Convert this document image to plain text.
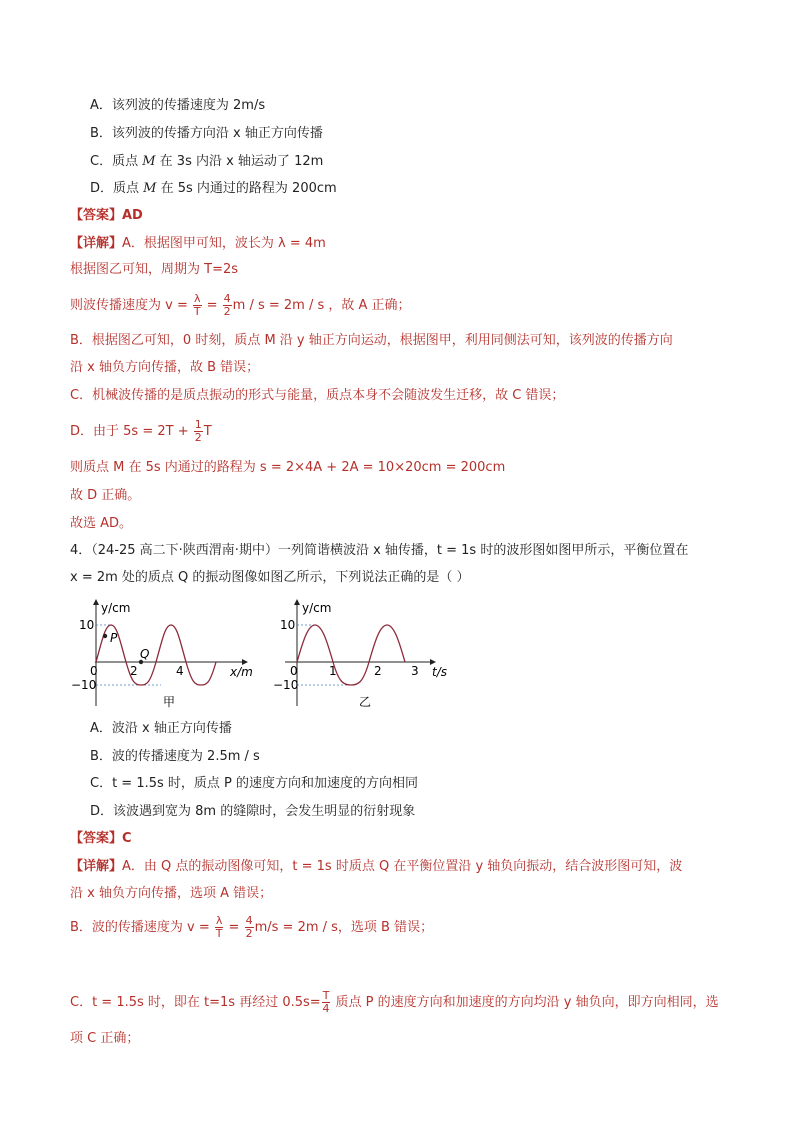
A．该列波的传播速度为 2m/s
B．该列波的传播方向沿 x 轴正方向传播
C．质点 M 在 3s 内沿 x 轴运动了 12m
D．质点 M 在 5s 内通过的路程为 200cm
【答案】AD
【详解】A．根据图甲可知，波长为 λ = 4m
根据图乙可知，周期为 T=2s
则波传播速度为 $v = \frac{\lambda}{T} = \frac{4}{2}$ m / s = 2m / s ，故 A 正确；
B．根据图乙可知，0 时刻，质点 M 沿 y 轴正方向运动，根据图甲，利用同侧法可知，该列波的传播方向
沿 x 轴负方向传播，故 B 错误；
C．机械波传播的是质点振动的形式与能量，质点本身不会随波发生迁移，故 C 错误；
D．由于 $5s = 2T + \frac{1}{2}$ T
则质点 M 在 5s 内通过的路程为 s = 2×4A + 2A = 10×20cm = 200cm
故 D 正确。
故选 AD。
4．（24-25 高二下·陕西渭南·期中）一列简谐横波沿 x 轴传播，t = 1s 时的波形图如图甲所示，平衡位置在
x = 2m 处的质点 Q 的振动图像如图乙所示，下列说法正确的是（ ）
y/cm
x/m
10
−10
0	2	4
P
Q
甲
y/cm
t/s
10
−10
0	1	2 3
乙
A．波沿 x 轴正方向传播
B．波的传播速度为 2.5m / s
C．t = 1.5s 时，质点 P 的速度方向和加速度的方向相同
D．该波遇到宽为 8m 的缝隙时，会发生明显的衍射现象
【答案】C
【详解】A．由 Q 点的振动图像可知，t = 1s 时质点 Q 在平衡位置沿 y 轴负向振动，结合波形图可知，波
沿 x 轴负方向传播，选项 A 错误；
B．波的传播速度为 $v = \frac{\lambda}{T} = \frac{4}{2} m/s = 2m / s$，选项 B 错误；
C．t = 1.5s 时，即在 t=1s 再经过 $0.5s= \frac{T}{4}$ 质点 P 的速度方向和加速度的方向均沿 y 轴负向，即方向相同，选
项 C 正确；
